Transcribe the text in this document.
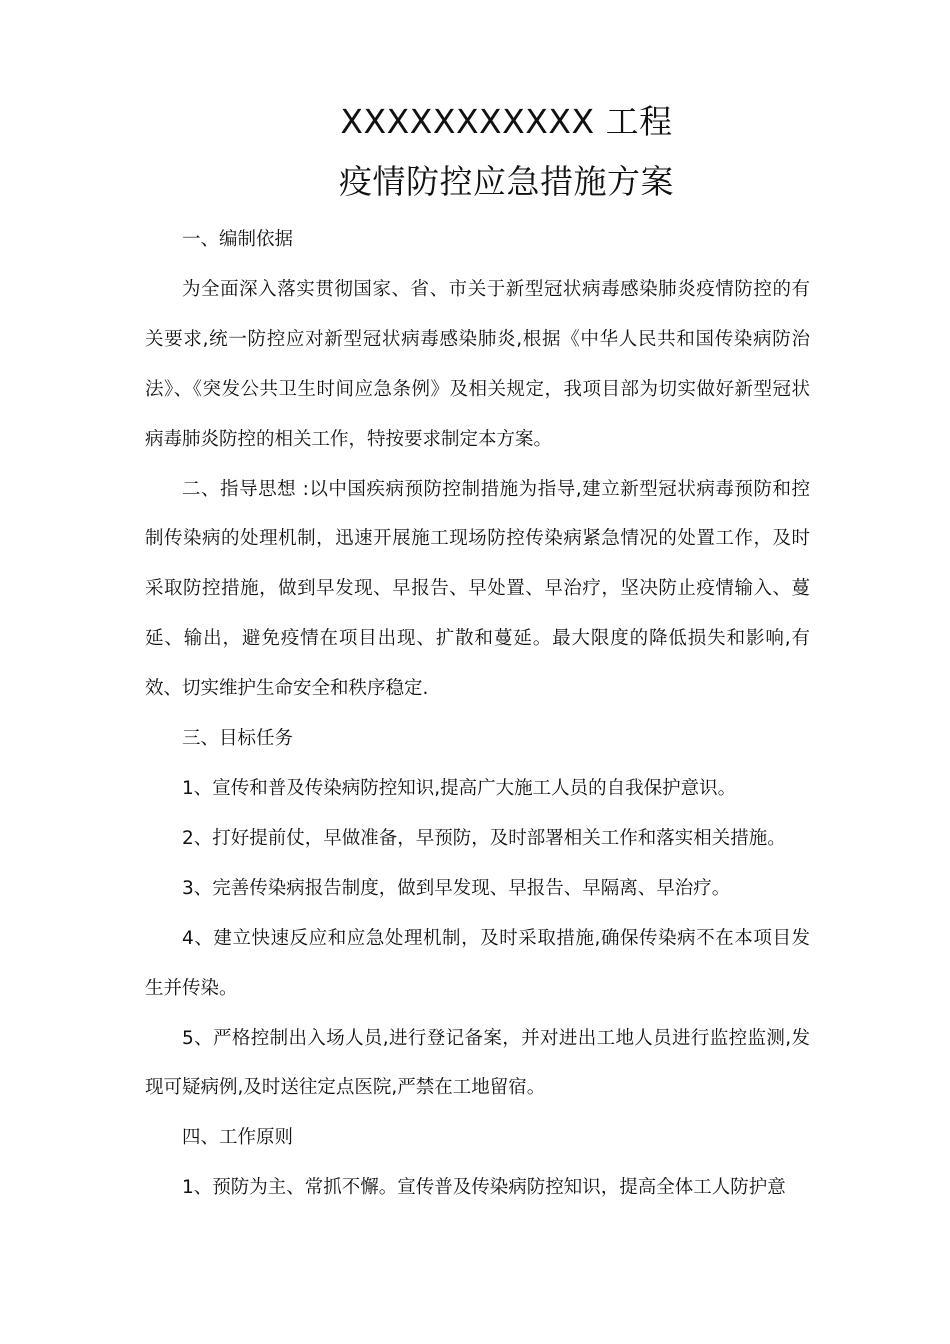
XXXXXXXXXXX 工程
疫情防控应急措施方案

一、编制依据

为全面深入落实贯彻国家、省、市关于新型冠状病毒感染肺炎疫情防控的有关要求,统一防控应对新型冠状病毒感染肺炎,根据《中华人民共和国传染病防治法》、《突发公共卫生时间应急条例》及相关规定，我项目部为切实做好新型冠状病毒肺炎防控的相关工作，特按要求制定本方案。

二、指导思想 :以中国疾病预防控制措施为指导,建立新型冠状病毒预防和控制传染病的处理机制，迅速开展施工现场防控传染病紧急情况的处置工作，及时采取防控措施，做到早发现、早报告、早处置、早治疗，坚决防止疫情输入、蔓延、输出，避免疫情在项目出现、扩散和蔓延。最大限度的降低损失和影响,有效、切实维护生命安全和秩序稳定.

三、目标任务

1、宣传和普及传染病防控知识,提高广大施工人员的自我保护意识。

2、打好提前仗，早做准备，早预防，及时部署相关工作和落实相关措施。

3、完善传染病报告制度，做到早发现、早报告、早隔离、早治疗。

4、建立快速反应和应急处理机制，及时采取措施,确保传染病不在本项目发生并传染。

5、严格控制出入场人员,进行登记备案，并对进出工地人员进行监控监测,发现可疑病例,及时送往定点医院,严禁在工地留宿。

四、工作原则

1、预防为主、常抓不懈。宣传普及传染病防控知识，提高全体工人防护意
